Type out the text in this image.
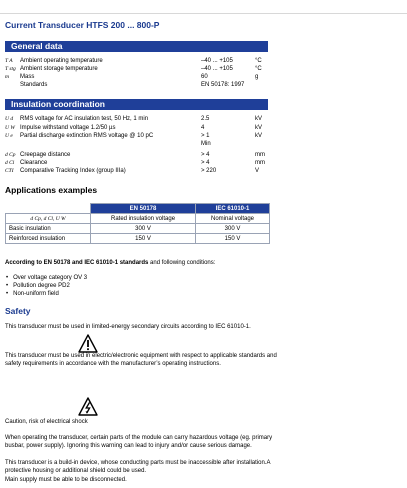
Current Transducer HTFS 200 ... 800-P
General data
T A Ambient operating temperature	–40 ... +105	°C
T stg Ambient storage temperature	–40 ... +105	°C
m Mass	60	g
Standards	EN 50178: 1997
Insulation coordination
U d RMS voltage for AC insulation test, 50 Hz, 1 min	2.5	kV
U W Impulse withstand voltage 1.2/50 µs	4	kV
U e Partial discharge extinction RMS voltage @ 10 pC	> 1	kV
Min
d Cp Creepage distance	> 4	mm
d Cl Clearance	> 4	mm
CTI Comparative Tracking Index (group IIIa)	> 220	V
Applications examples
	EN 50178	IEC 61010-1
d Cp, d Cl, U W	Rated insulation voltage	Nominal voltage
Basic insulation	300 V	300 V
Reinforced insulation	150 V	150 V
According to EN 50178 and IEC 61010-1 standards and following conditions:
• Over voltage category OV 3
• Pollution degree PD2
• Non-uniform field
Safety
This transducer must be used in limited-energy secondary circuits according to IEC 61010-1.
This transducer must be used in electric/electronic equipment with respect to applicable standards and safety requirements in accordance with the manufacturer’s operating instructions.
Caution, risk of electrical shock
When operating the transducer, certain parts of the module can carry hazardous voltage (eg. primary busbar, power supply). Ignoring this warning can lead to injury and/or cause serious damage.
This transducer is a build-in device, whose conducting parts must be inaccessible after installation.A protective housing or additional shield could be used.
Main supply must be able to be disconnected.
